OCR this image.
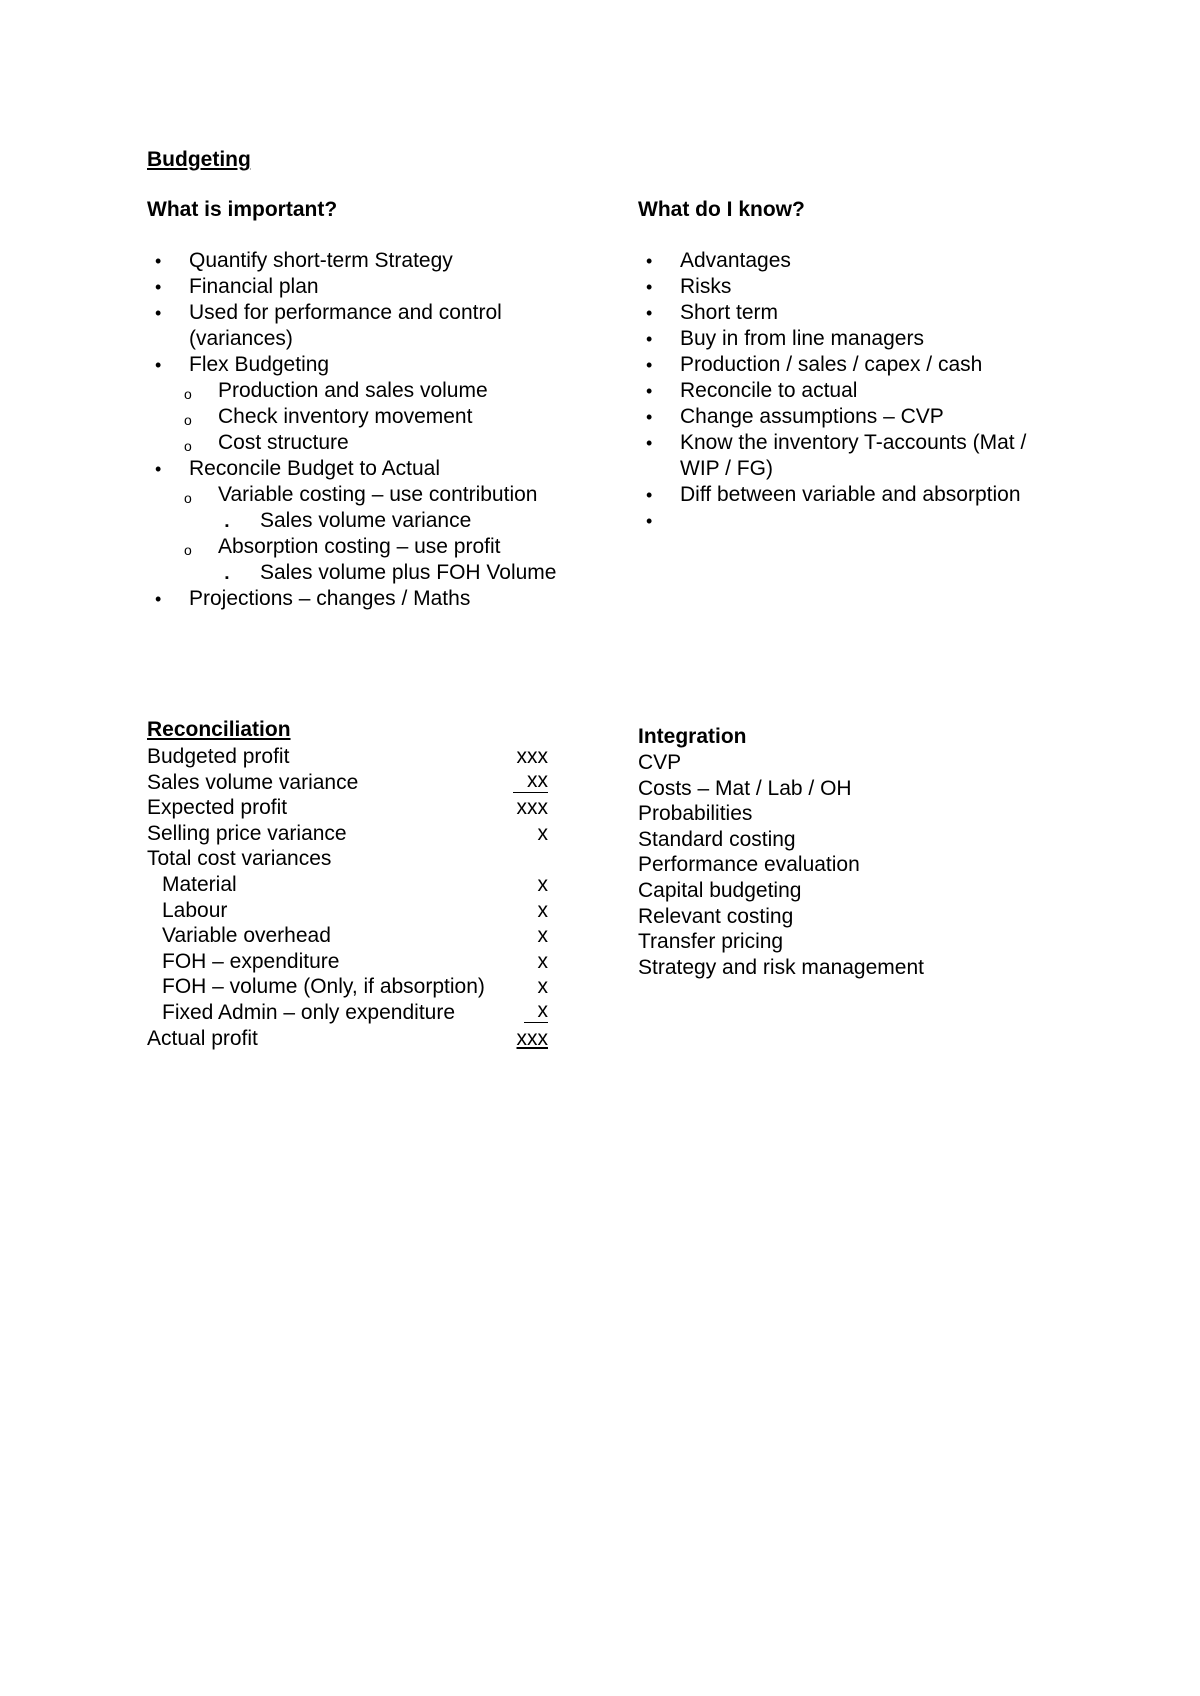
Budgeting
What is important?	What do I know?
• Quantify short-term Strategy
• Financial plan
• Used for performance and control (variances)
• Flex Budgeting
o Production and sales volume
o Check inventory movement
o Cost structure
• Reconcile Budget to Actual
o Variable costing – use contribution
▪ Sales volume variance
o Absorption costing – use profit
▪ Sales volume plus FOH Volume
• Projections – changes / Maths
• Advantages
• Risks
• Short term
• Buy in from line managers
• Production / sales / capex / cash
• Reconcile to actual
• Change assumptions – CVP
• Know the inventory T-accounts (Mat / WIP / FG)
• Diff between variable and absorption
•
Reconciliation
Budgeted profit	xxx
Sales volume variance	xx
Expected profit	xxx
Selling price variance	x
Total cost variances
Material	x
Labour	x
Variable overhead	x
FOH – expenditure	x
FOH – volume (Only, if absorption)	x
Fixed Admin – only expenditure	x
Actual profit	xxx
Integration
CVP
Costs – Mat / Lab / OH
Probabilities
Standard costing
Performance evaluation
Capital budgeting
Relevant costing
Transfer pricing
Strategy and risk management
